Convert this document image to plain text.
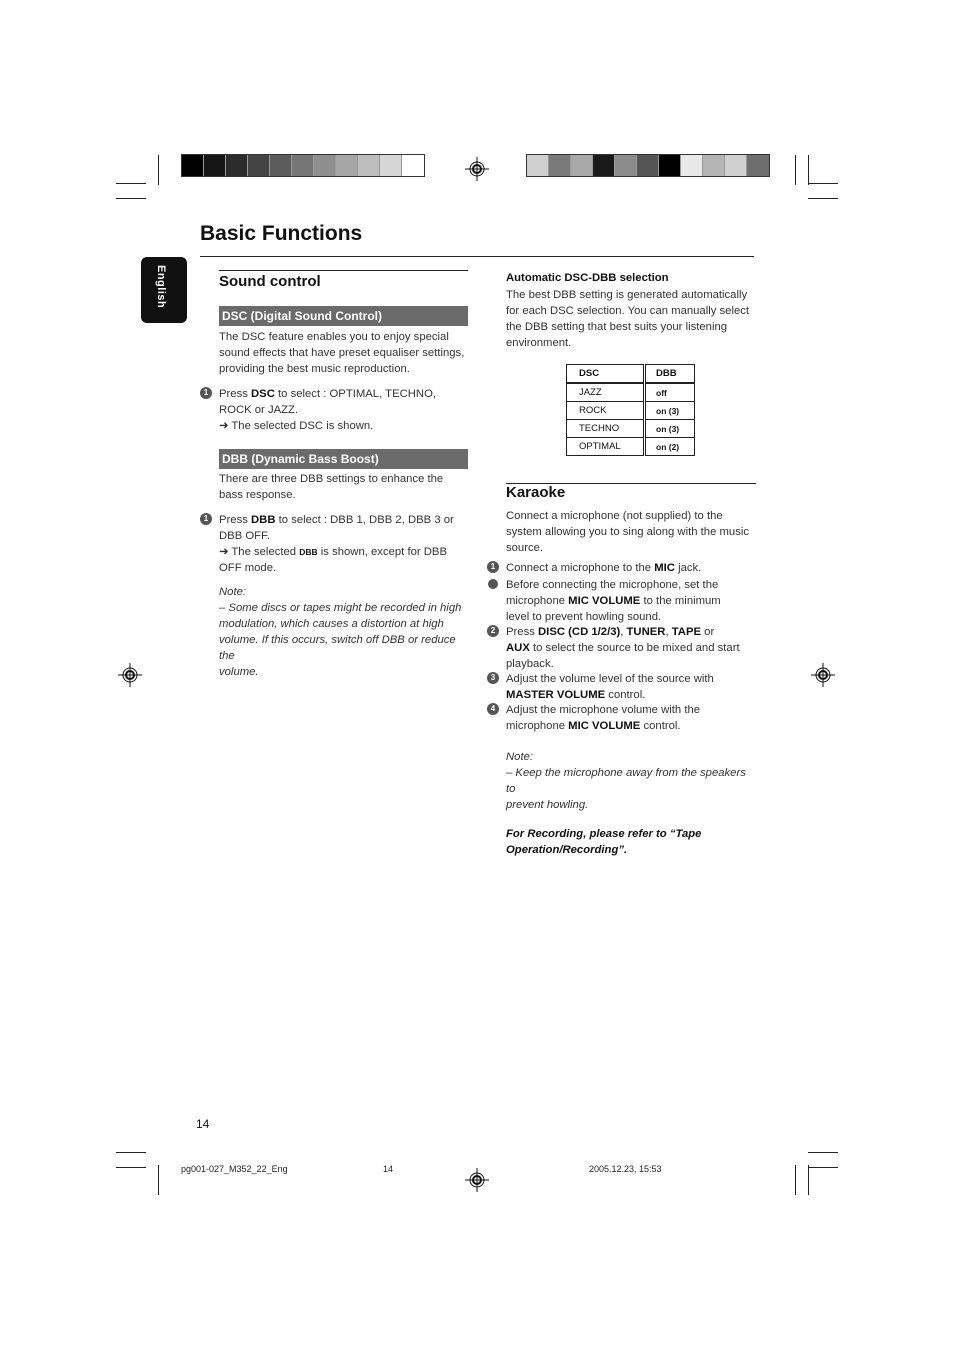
Basic Functions
English	Sound control
DSC (Digital Sound Control)
The DSC feature enables you to enjoy special
sound effects that have preset equaliser settings,
providing the best music reproduction.
1 Press DSC to select : OPTIMAL, TECHNO,
ROCK or JAZZ.
➜ The selected DSC is shown.
DBB (Dynamic Bass Boost)
There are three DBB settings to enhance the
bass response.
1 Press DBB to select : DBB 1, DBB 2, DBB 3 or
DBB OFF.
➜ The selected DBB is shown, except for DBB
OFF mode.
Note:
– Some discs or tapes might be recorded in high
modulation, which causes a distortion at high
volume. If this occurs, switch off DBB or reduce the
volume.
Automatic DSC-DBB selection
The best DBB setting is generated automatically
for each DSC selection. You can manually select
the DBB setting that best suits your listening
environment.
DSC	DBB
JAZZ	off
ROCK	on (3)
TECHNO	on (3)
OPTIMAL	on (2)
Karaoke
Connect a microphone (not supplied) to the
system allowing you to sing along with the music
source.
1 Connect a microphone to the MIC jack.
Before connecting the microphone, set the
microphone MIC VOLUME to the minimum
level to prevent howling sound.
2 Press DISC (CD 1/2/3), TUNER, TAPE or
AUX to select the source to be mixed and start
playback.
3 Adjust the volume level of the source with
MASTER VOLUME control.
4 Adjust the microphone volume with the
microphone MIC VOLUME control.
Note:
– Keep the microphone away from the speakers to
prevent howling.
For Recording, please refer to “Tape
Operation/Recording”.
14
pg001-027_M352_22_Eng	14	2005.12.23, 15:53
